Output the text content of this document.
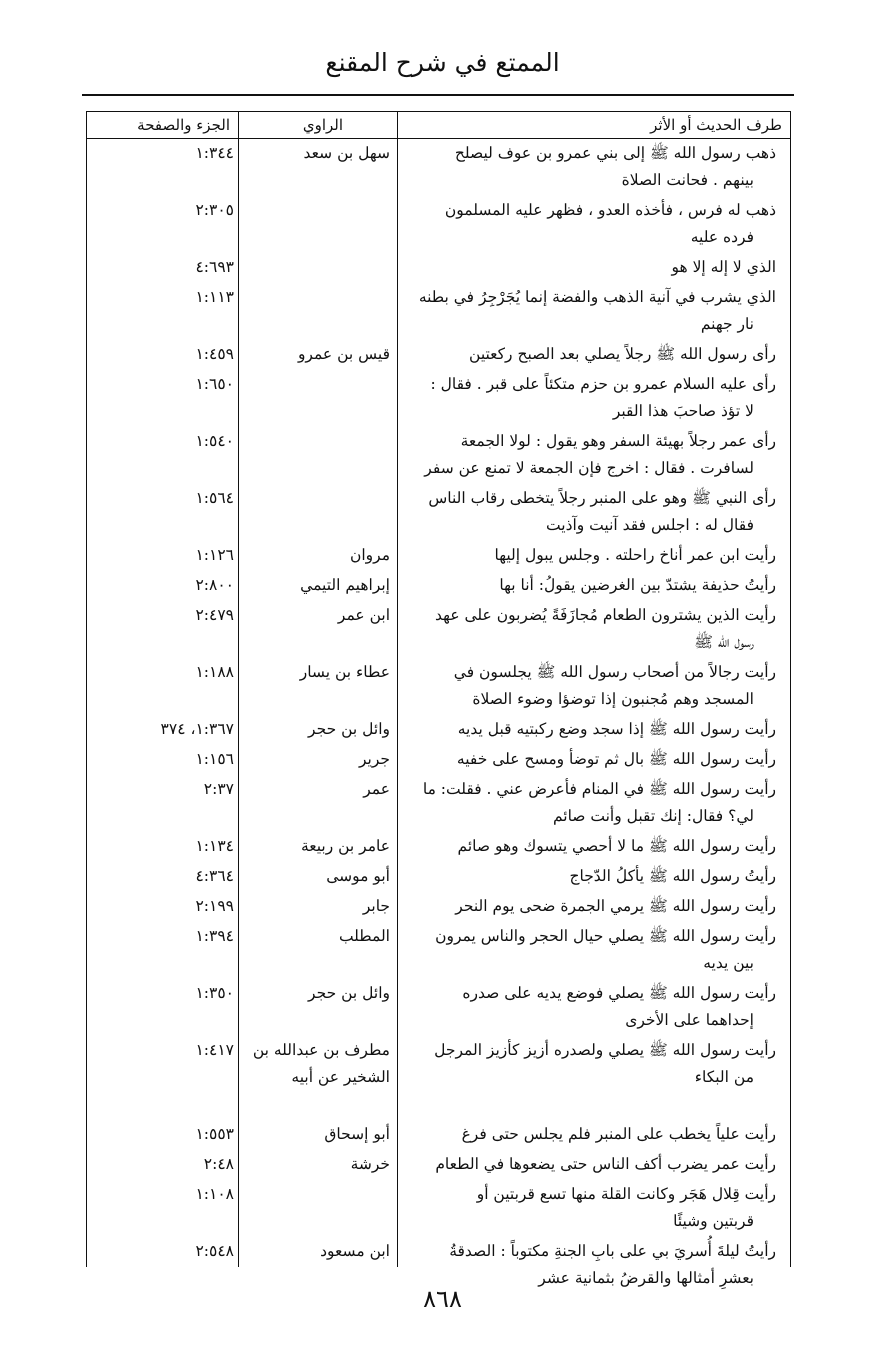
الممتع في شرح المقنع
طرف الحديث أو الأثر
الراوي
الجزء والصفحة
ذهب رسول الله ﷺ إلى بني عمرو بن عوف ليصلح
بينهم . فحانت الصلاة
سهل بن سعد
١:٣٤٤
ذهب له فرس ، فأخذه العدو ، فظهر عليه المسلمون
فرده عليه
٢:٣٠٥
الذي لا إله إلا هو
٤:٦٩٣
الذي يشرب في آنية الذهب والفضة إنما يُجَرْجِرُ في بطنه
نار جهنم
١:١١٣
رأى رسول الله ﷺ رجلاً يصلي بعد الصبح ركعتين
قيس بن عمرو
١:٤٥٩
رأى عليه السلام عمرو بن حزم متكئاً على قبر . فقال :
لا تؤذ صاحبَ هذا القبر
١:٦٥٠
رأى عمر رجلاً بهيئة السفر وهو يقول : لولا الجمعة
لسافرت . فقال : اخرج فإن الجمعة لا تمنع عن سفر
١:٥٤٠
رأى النبي ﷺ وهو على المنبر رجلاً يتخطى رقاب الناس
فقال له : اجلس فقد آنيت وآذيت
١:٥٦٤
رأيت ابن عمر أناخ راحلته . وجلس يبول إليها
مروان
١:١٢٦
رأيتُ حذيفة يشتدّ بين الغرضين يقولُ: أنا بها
إبراهيم التيمي
٢:٨٠٠
رأيت الذين يشترون الطعام مُجازَفَةً يُضربون على عهد
رسول الله ﷺ
ابن عمر
٢:٤٧٩
رأيت رجالاً من أصحاب رسول الله ﷺ يجلسون في
المسجد وهم مُجنبون إذا توضؤا وضوء الصلاة
عطاء بن يسار
١:١٨٨
رأيت رسول الله ﷺ إذا سجد وضع ركبتيه قبل يديه
وائل بن حجر
١:٣٦٧، ٣٧٤
رأيت رسول الله ﷺ بال ثم توضأ ومسح على خفيه
جرير
١:١٥٦
رأيت رسول الله ﷺ في المنام فأعرض عني . فقلت: ما
لي؟ فقال: إنك تقبل وأنت صائم
عمر
٢:٣٧
رأيت رسول الله ﷺ ما لا أحصي يتسوك وهو صائم
عامر بن ربيعة
١:١٣٤
رأيتُ رسول الله ﷺ يأكلُ الدّجاج
أبو موسى
٤:٣٦٤
رأيت رسول الله ﷺ يرمي الجمرة ضحى يوم النحر
جابر
٢:١٩٩
رأيت رسول الله ﷺ يصلي حيال الحجر والناس يمرون
بين يديه
المطلب
١:٣٩٤
رأيت رسول الله ﷺ يصلي فوضع يديه على صدره
إحداهما على الأخرى
وائل بن حجر
١:٣٥٠
رأيت رسول الله ﷺ يصلي ولصدره أزيز كأزيز المرجل
من البكاء
مطرف بن عبدالله بن الشخير عن أبيه
١:٤١٧
رأيت علياً يخطب على المنبر فلم يجلس حتى فرغ
أبو إسحاق
١:٥٥٣
رأيت عمر يضرب أكف الناس حتى يضعوها في الطعام
خرشة
٢:٤٨
رأيت قِلال هَجَر وكانت القلة منها تسع قربتين أو
قربتين وشيئًا
١:١٠٨
رأيتُ ليلةَ أُسريَ بي على بابِ الجنةِ مكتوباً : الصدقةُ
بعشرِ أمثالها والقرضُ بثمانية عشر
ابن مسعود
٢:٥٤٨
٨٦٨
